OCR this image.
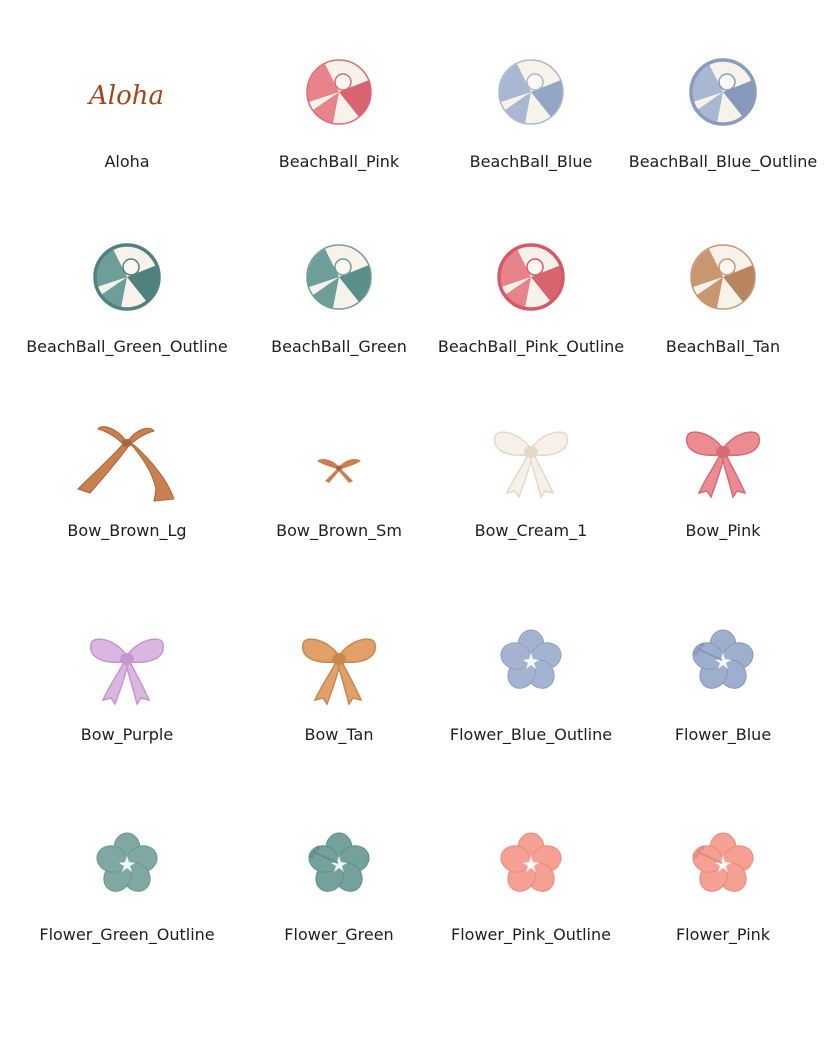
Aloha
Aloha	BeachBall_Pink	BeachBall_Blue	BeachBall_Blue_Outline
BeachBall_Green_Outline	BeachBall_Green	BeachBall_Pink_Outline	BeachBall_Tan
Bow_Brown_Lg	Bow_Brown_Sm	Bow_Cream_1	Bow_Pink
Bow_Purple	Bow_Tan	Flower_Blue_Outline	Flower_Blue
Flower_Green_Outline	Flower_Green	Flower_Pink_Outline	Flower_Pink
